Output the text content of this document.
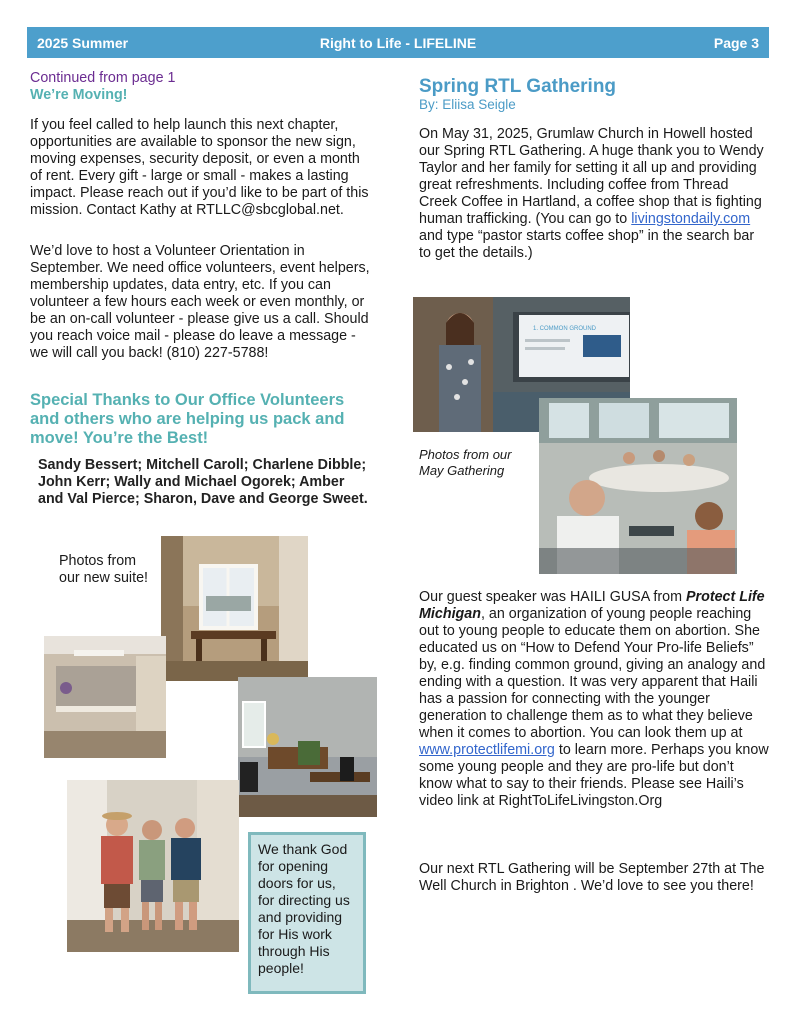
Right to Life - LIFELINE
2025 Summer	Page 3
Continued from page 1
We’re Moving!

If you feel called to help launch this next chapter, opportunities are available to sponsor the new sign, moving expenses, security deposit, or even a month of rent. Every gift - large or small - makes a lasting impact. Please reach out if you’d like to be part of this mission. Contact Kathy at RTLLC@sbcglobal.net.

We’d love to host a Volunteer Orientation in September. We need office volunteers, event helpers, membership updates, data entry, etc. If you can volunteer a few hours each week or even monthly, or be an on-call volunteer - please give us a call. Should you reach voice mail - please do leave a message - we will call you back! (810) 227-5788!

Special Thanks to Our Office Volunteers and others who are helping us pack and move! You’re the Best!
Sandy Bessert; Mitchell Caroll; Charlene Dibble; John Kerr; Wally and Michael Ogorek; Amber and Val Pierce; Sharon, Dave and George Sweet.
Photos from our new suite!
We thank God for opening doors for us, for directing us and providing for His work through His people!
Spring RTL Gathering
By: Eliisa Seigle

On May 31, 2025, Grumlaw Church in Howell hosted our Spring RTL Gathering. A huge thank you to Wendy Taylor and her family for setting it all up and providing great refreshments. Including coffee from Thread Creek Coffee in Hartland, a coffee shop that is fighting human trafficking. (You can go to livingstondaily.com and type “pastor starts coffee shop” in the search bar to get the details.)

1. COMMON GROUND
Photos from our May Gathering

Our guest speaker was HAILI GUSA from Protect Life Michigan, an organization of young people reaching out to young people to educate them on abortion. She educated us on “How to Defend Your Pro-life Beliefs” by, e.g. finding common ground, giving an analogy and ending with a question. It was very apparent that Haili has a passion for connecting with the younger generation to challenge them as to what they believe when it comes to abortion. You can look them up at www.protectlifemi.org to learn more. Perhaps you know some young people and they are pro-life but don’t know what to say to their friends. Please see Haili’s video link at RightToLifeLivingston.Org

Our next RTL Gathering will be September 27th at The Well Church in Brighton . We’d love to see you there!
